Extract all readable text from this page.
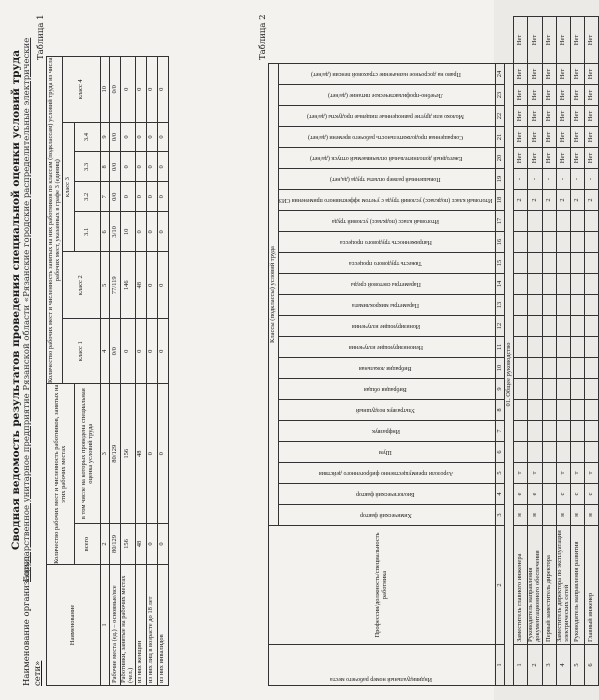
Сводная ведомость результатов проведения специальной оценки условий труда
Наименование организации:
Государственное унитарное предприятие Рязанской области «Рязанские городские распределительные электрические
сети»
Таблица 1
Наименование	Количество рабочих мест и численность работников, занятых на этих рабочих местах		Количество рабочих мест и численность занятых на них работников по классам (подклассам) условий труда из числа рабочих мест, указанных в графе 3 (единиц)						
			класс 1	класс 2	класс 3				класс 4
	всего	в том числе на которых проведена специальная оценка условий труда			3.1	3.2	3.3	3.4	
1	2	3	4	5	6	7	8	9	10
Рабочие места (ед.) – основные/все	80/129	80/129	0/0	77/119	3/10	0/0	0/0	0/0	0/0
Работники, занятые на рабочих местах (чел.)	156	156	0	146	10	0	0	0	0
из них женщин	48	48	0	48	0	0	0	0	0
из них лиц в возрасте до 18 лет	0	0	0	0	0	0	0	0	0
из них инвалидов	0	0	0	0	0	0	0	0	0
Таблица 2
Индивидуальный номер рабочего места	Профессия/должность/специальность работника	Классы (подклассы) условий труда																						
		Химический фактор	Биологический фактор	Аэрозоли преимущественно фиброгенного действия	Шум	Инфразвук	Ультразвук воздушный	Вибрация общая	Вибрация локальная	Неионизирующие излучения	Ионизирующие излучения	Параметры микроклимата	Параметры световой среды	Тяжесть трудового процесса	Напряженность трудового процесса	Итоговый класс (подкласс) условий труда	Итоговый класс (подкласс) условий труда с учетом эффективного применения СИЗ	Повышенный размер оплаты труда (да,нет)	Ежегодный дополнительный оплачиваемый отпуск (да/нет)	Сокращенная продолжительность рабочего времени (да/нет)	Молоко или другие равноценные пищевые продукты (да/нет)	Лечебно-профилактическое питание (да/нет)	Право на досрочное назначение страховой пенсии (да/нет)	
1	2	3	4	5	6	7	8	9	10	11	12	13	14	15	16	17	18	19	20	21	22	23	24	
01. Общее руководство																								
1	Заместитель главного инженера	н	е	т													2	-	Нет	Нет	Нет	Нет	Нет	Нет
2	Руководитель направления документационного обеспечения	н	е	т													2	-	Нет	Нет	Нет	Нет	Нет	Нет
3	Первый заместитель директора																2	-	Нет	Нет	Нет	Нет	Нет	Нет
4	Заместитель директора по эксплуатации электрических сетей	н	с	т													2	-	Нет	Нет	Нет	Нет	Нет	Нет
5	Руководитель направления развития	н	с	т													2	-	Нет	Нет	Нет	Нет	Нет	Нет
6	Главный инженер	н	с	т													2	-	Нет	Нет	Нет	Нет	Нет	Нет
